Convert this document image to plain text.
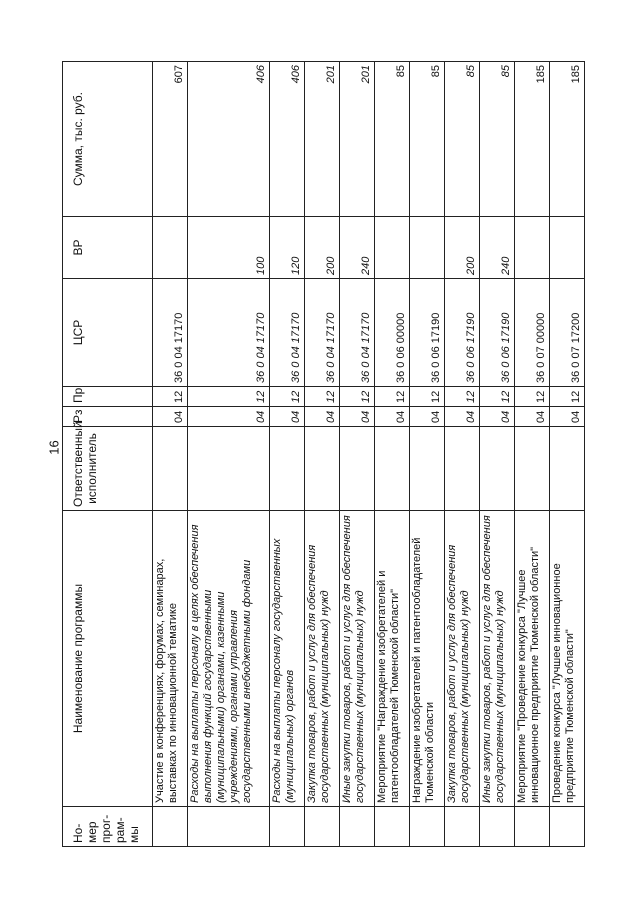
16
Но-
мер
прог-
рам-
мы	Наименование программы	Ответственный исполнитель	Рз	Пр	ЦСР	ВР	Сумма, тыс. руб.
	Участие в конференциях, форумах, семинарах, выставках по инновационной тематике		04	12	36 0 04 17170		607
	Расходы на выплаты персоналу в целях обеспечения выполнения функций государственными (муниципальными) органами, казенными учреждениями, органами управления государственными внебюджетными фондами		04	12	36 0 04 17170	100	406
	Расходы на выплаты персоналу государственных (муниципальных) органов		04	12	36 0 04 17170	120	406
	Закупка товаров, работ и услуг для обеспечения государственных (муниципальных) нужд		04	12	36 0 04 17170	200	201
	Иные закупки товаров, работ и услуг для обеспечения государственных (муниципальных) нужд		04	12	36 0 04 17170	240	201
	Мероприятие "Награждение изобретателей и патентообладателей Тюменской области"		04	12	36 0 06 00000		85
	Награждение изобретателей и патентообладателей Тюменской области		04	12	36 0 06 17190		85
	Закупка товаров, работ и услуг для обеспечения государственных (муниципальных) нужд		04	12	36 0 06 17190	200	85
	Иные закупки товаров, работ и услуг для обеспечения государственных (муниципальных) нужд		04	12	36 0 06 17190	240	85
	Мероприятие "Проведение конкурса "Лучшее инновационное предприятие Тюменской области"		04	12	36 0 07 00000		185
	Проведение конкурса "Лучшее инновационное предприятие Тюменской области"		04	12	36 0 07 17200		185
